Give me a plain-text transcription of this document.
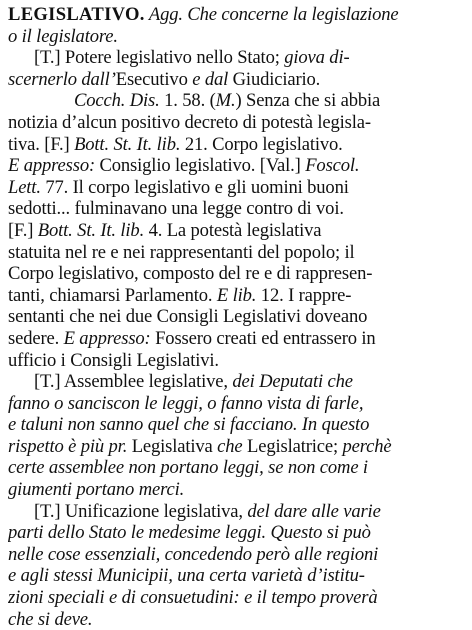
LEGISLATIVO. Agg. Che concerne la legislazione
o il legislatore.
[T.] Potere legislativo nello Stato; giova di-
scernerlo dall’Esecutivo e dal Giudiciario.
Cocch. Dis. 1. 58. (M.) Senza che si abbia
notizia d’alcun positivo decreto di potestà legisla-
tiva. [F.] Bott. St. It. lib. 21. Corpo legislativo.
E appresso: Consiglio legislativo. [Val.] Foscol.
Lett. 77. Il corpo legislativo e gli uomini buoni
sedotti... fulminavano una legge contro di voi.
[F.] Bott. St. It. lib. 4. La potestà legislativa
statuita nel re e nei rappresentanti del popolo; il
Corpo legislativo, composto del re e di rappresen-
tanti, chiamarsi Parlamento. E lib. 12. I rappre-
sentanti che nei due Consigli Legislativi doveano
sedere. E appresso: Fossero creati ed entrassero in
ufficio i Consigli Legislativi.
[T.] Assemblee legislative, dei Deputati che
fanno o sanciscon le leggi, o fanno vista di farle,
e taluni non sanno quel che si facciano. In questo
rispetto è più pr. Legislativa che Legislatrice; perchè
certe assemblee non portano leggi, se non come i
giumenti portano merci.
[T.] Unificazione legislativa, del dare alle varie
parti dello Stato le medesime leggi. Questo si può
nelle cose essenziali, concedendo però alle regioni
e agli stessi Municipii, una certa varietà d’istitu-
zioni speciali e di consuetudini: e il tempo proverà
che si deve.
